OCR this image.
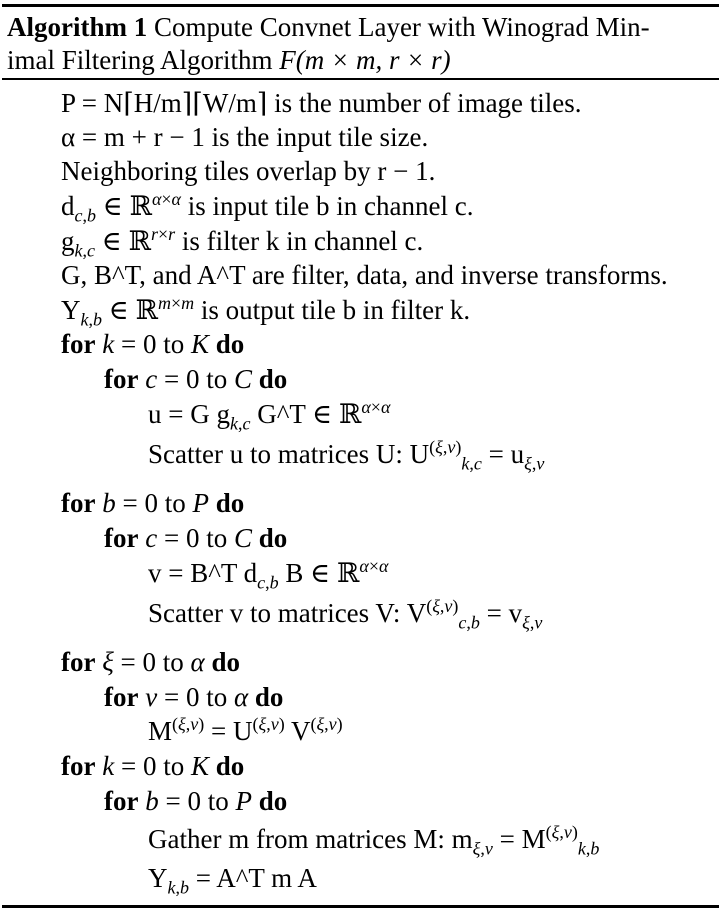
Algorithm 1 Compute Convnet Layer with Winograd Min-
imal Filtering Algorithm F(m × m, r × r)
P = N⌈H/m⌉⌈W/m⌉ is the number of image tiles.
α = m + r − 1 is the input tile size.
Neighboring tiles overlap by r − 1.
$d_{c,b}$ ∈ ℝ$^{\alpha\times\alpha}$ is input tile b in channel c.
$g_{k,c}$ ∈ ℝ$^{r\times r}$ is filter k in channel c.
G, B^T, and A^T are filter, data, and inverse transforms.
$Y_{k,b}$ ∈ ℝ$^{m\times m}$ is output tile b in filter k.
for k = 0 to K do
for c = 0 to C do
u = G $g_{k,c}$ G^T ∈ ℝ$^{\alpha\times\alpha}$
Scatter u to matrices U: $U^{(\xi,\nu)}_{k,c} = u_{\xi,\nu}$
for b = 0 to P do
for c = 0 to C do
v = B^T $d_{c,b}$ B ∈ ℝ$^{\alpha\times\alpha}$
Scatter v to matrices V: $V^{(\xi,\nu)}_{c,b} = v_{\xi,\nu}$
for ξ = 0 to α do
for ν = 0 to α do
$M^{(\xi,\nu)} = U^{(\xi,\nu)}$ $V^{(\xi,\nu)}$
for k = 0 to K do
for b = 0 to P do
Gather m from matrices M: $m_{\xi,\nu} = M^{(\xi,\nu)}_{k,b}$
$Y_{k,b}$ = A^T m A
